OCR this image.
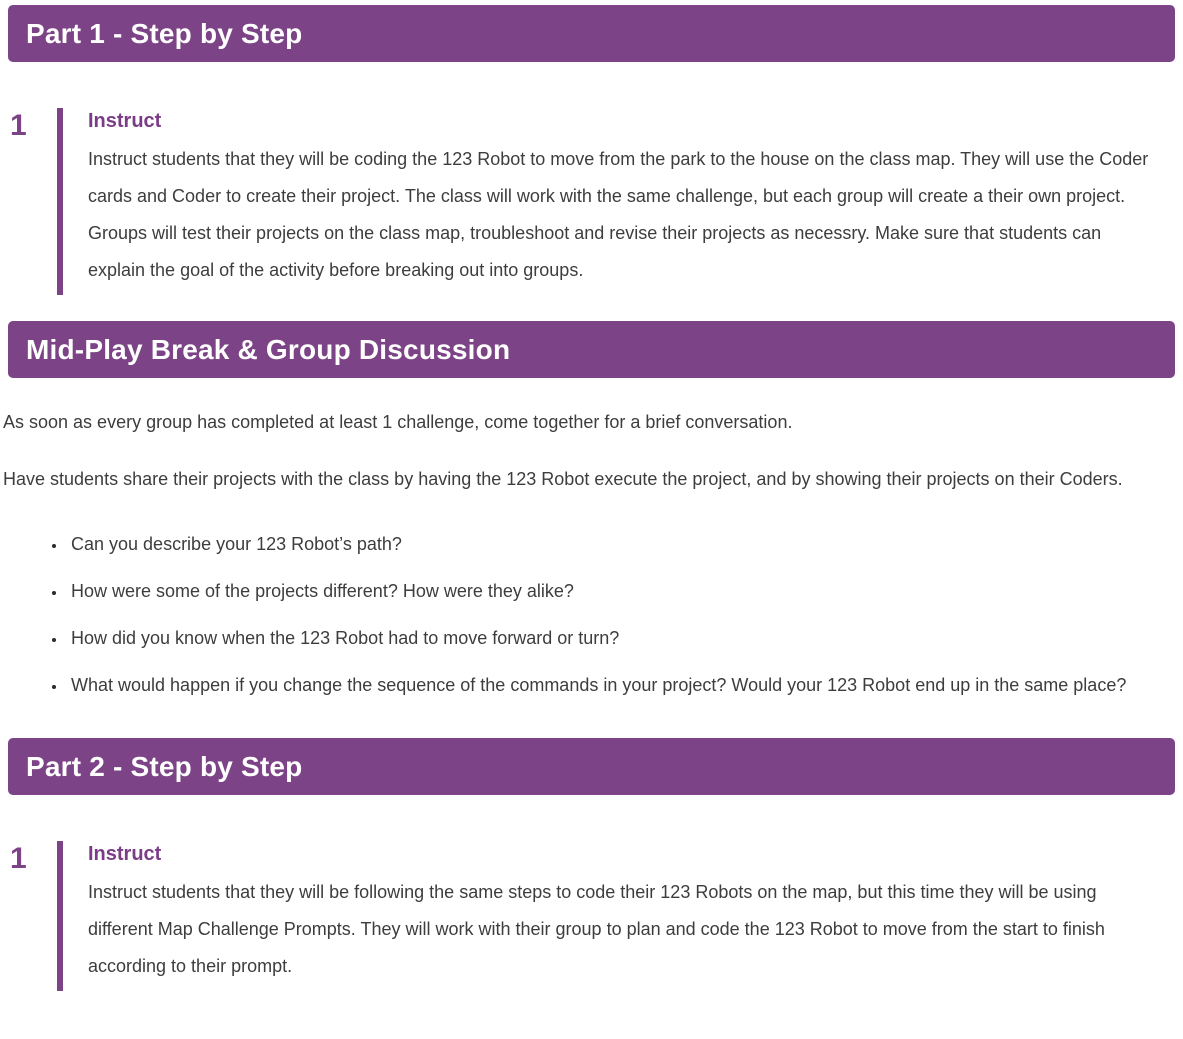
Part 1 - Step by Step
1	Instruct
Instruct students that they will be coding the 123 Robot to move from the park to the house on the class map. They will use the Coder cards and Coder to create their project. The class will work with the same challenge, but each group will create a their own project. Groups will test their projects on the class map, troubleshoot and revise their projects as necessry. Make sure that students can explain the goal of the activity before breaking out into groups.
Mid-Play Break & Group Discussion

As soon as every group has completed at least 1 challenge, come together for a brief conversation.

Have students share their projects with the class by having the 123 Robot execute the project, and by showing their projects on their Coders.

• Can you describe your 123 Robot’s path?
• How were some of the projects different? How were they alike?
• How did you know when the 123 Robot had to move forward or turn?
• What would happen if you change the sequence of the commands in your project? Would your 123 Robot end up in the same place?
Part 2 - Step by Step
1	Instruct
Instruct students that they will be following the same steps to code their 123 Robots on the map, but this time they will be using different Map Challenge Prompts. They will work with their group to plan and code the 123 Robot to move from the start to finish according to their prompt.
